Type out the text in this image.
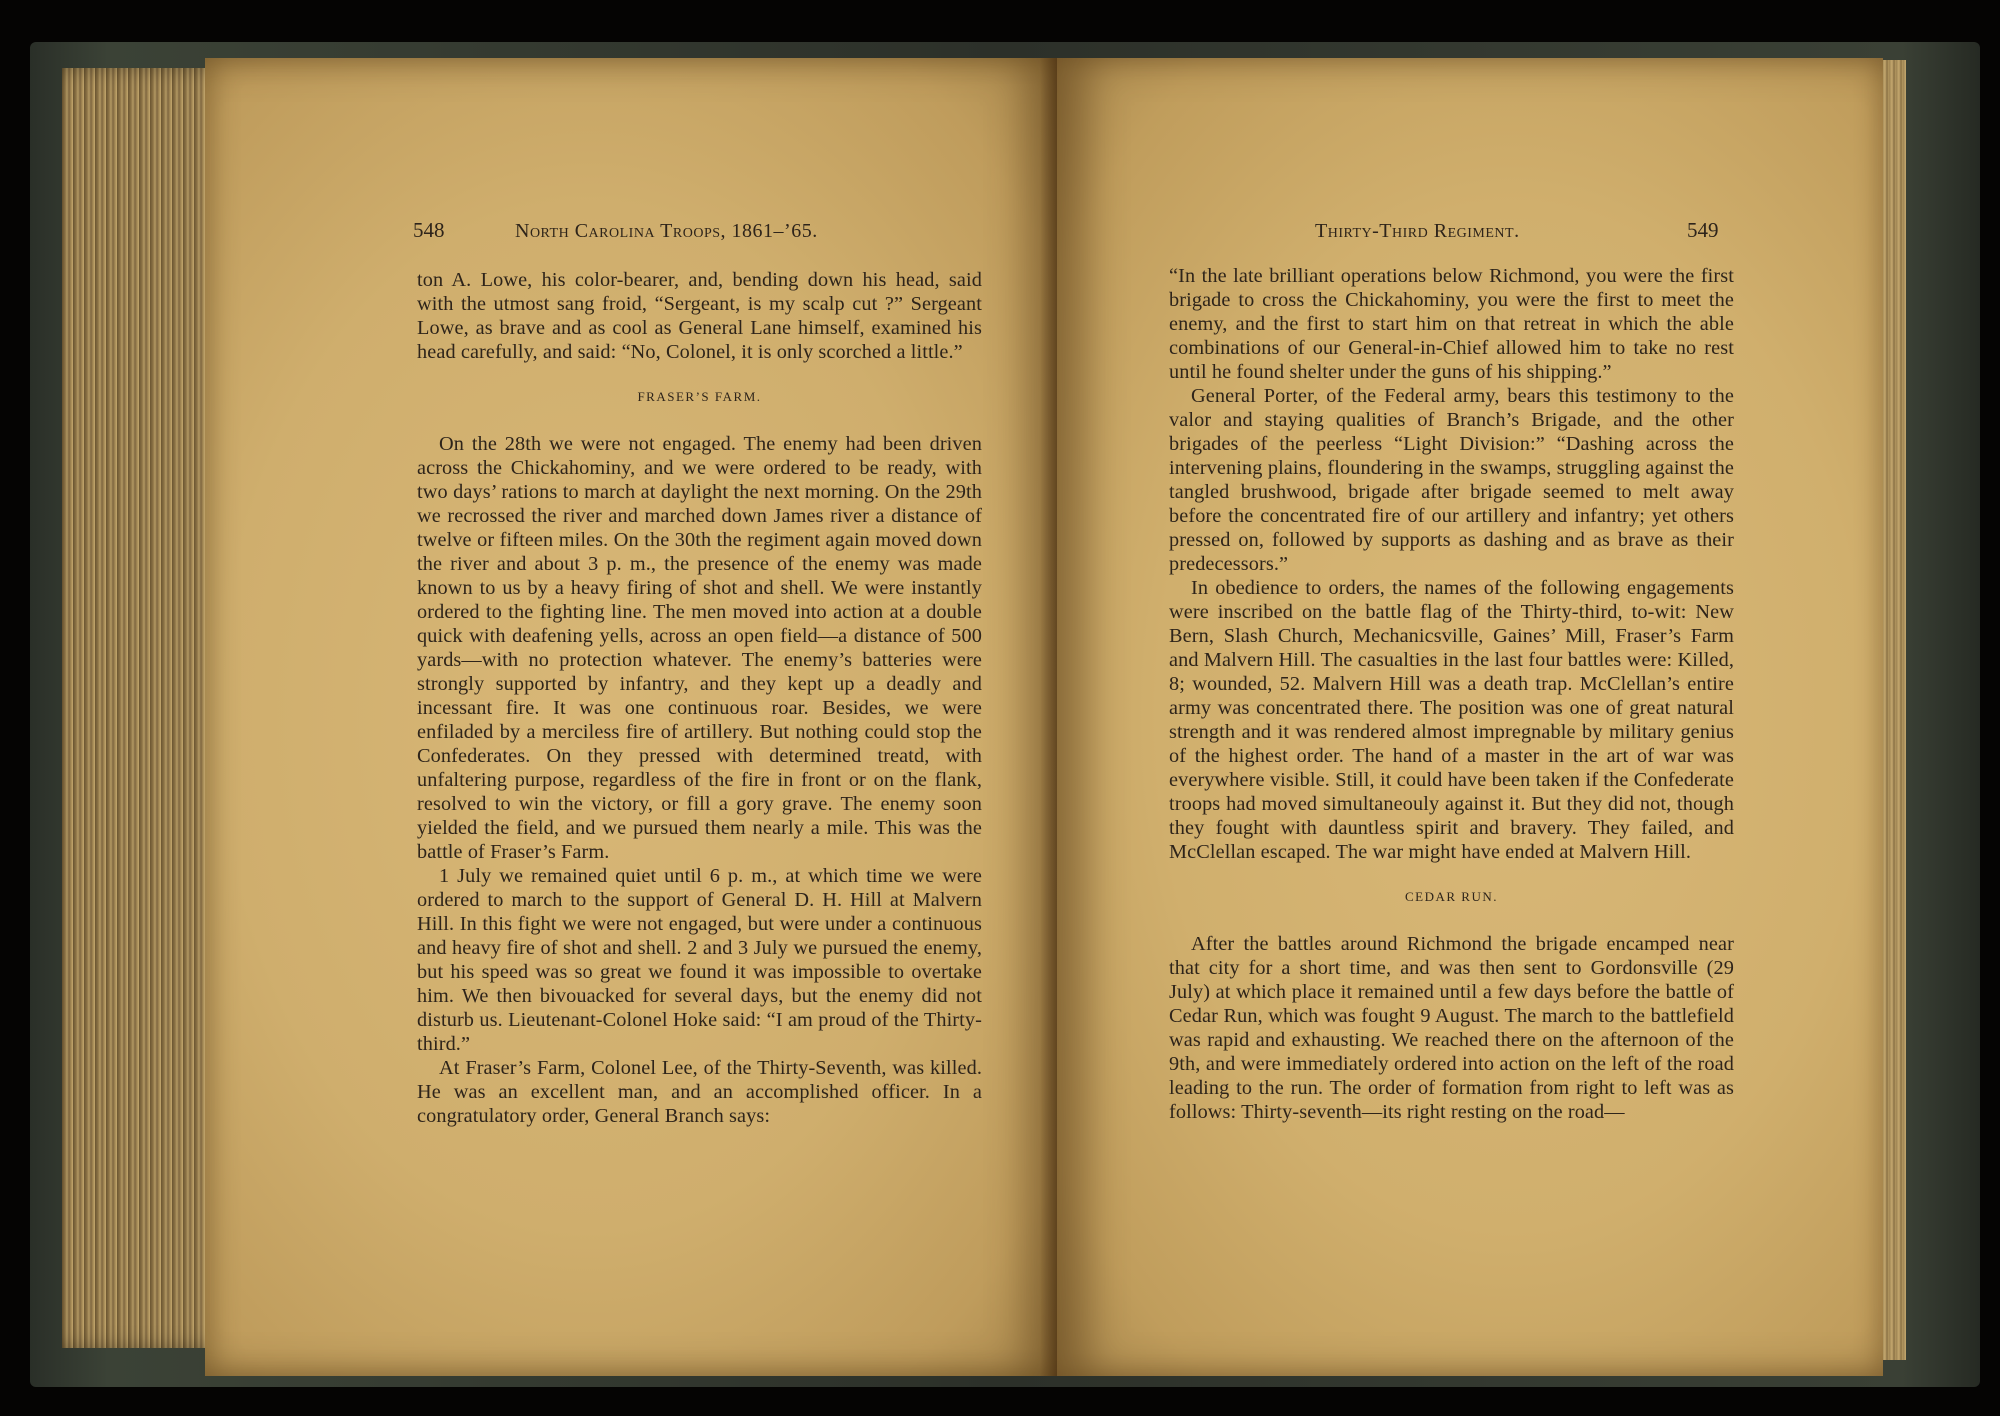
548	North Carolina Troops, 1861–’65.

ton A. Lowe, his color-bearer, and, bending down his head, said with the utmost sang froid, “Sergeant, is my scalp cut ?” Sergeant Lowe, as brave and as cool as General Lane himself, examined his head carefully, and said: “No, Colonel, it is only scorched a little.”

FRASER’S FARM.

On the 28th we were not engaged. The enemy had been driven across the Chickahominy, and we were ordered to be ready, with two days’ rations to march at daylight the next morning. On the 29th we recrossed the river and marched down James river a distance of twelve or fifteen miles. On the 30th the regiment again moved down the river and about 3 p. m., the presence of the enemy was made known to us by a heavy firing of shot and shell. We were instantly ordered to the fighting line. The men moved into action at a double quick with deafening yells, across an open field—a distance of 500 yards—with no protection whatever. The enemy’s batteries were strongly supported by infantry, and they kept up a deadly and incessant fire. It was one continuous roar. Besides, we were enfiladed by a merciless fire of artillery. But nothing could stop the Confederates. On they pressed with determined treatd, with unfaltering purpose, regardless of the fire in front or on the flank, resolved to win the victory, or fill a gory grave. The enemy soon yielded the field, and we pursued them nearly a mile. This was the battle of Fraser’s Farm.

1 July we remained quiet until 6 p. m., at which time we were ordered to march to the support of General D. H. Hill at Malvern Hill. In this fight we were not engaged, but were under a continuous and heavy fire of shot and shell. 2 and 3 July we pursued the enemy, but his speed was so great we found it was impossible to overtake him. We then bivouacked for several days, but the enemy did not disturb us. Lieutenant-Colonel Hoke said: “I am proud of the Thirty-third.”

At Fraser’s Farm, Colonel Lee, of the Thirty-Seventh, was killed. He was an excellent man, and an accomplished officer. In a congratulatory order, General Branch says:

Thirty-Third Regiment.	549

“In the late brilliant operations below Richmond, you were the first brigade to cross the Chickahominy, you were the first to meet the enemy, and the first to start him on that retreat in which the able combinations of our General-in-Chief allowed him to take no rest until he found shelter under the guns of his shipping.”

General Porter, of the Federal army, bears this testimony to the valor and staying qualities of Branch’s Brigade, and the other brigades of the peerless “Light Division:” “Dashing across the intervening plains, floundering in the swamps, struggling against the tangled brushwood, brigade after brigade seemed to melt away before the concentrated fire of our artillery and infantry; yet others pressed on, followed by supports as dashing and as brave as their predecessors.”

In obedience to orders, the names of the following engagements were inscribed on the battle flag of the Thirty-third, to-wit: New Bern, Slash Church, Mechanicsville, Gaines’ Mill, Fraser’s Farm and Malvern Hill. The casualties in the last four battles were: Killed, 8; wounded, 52. Malvern Hill was a death trap. McClellan’s entire army was concentrated there. The position was one of great natural strength and it was rendered almost impregnable by military genius of the highest order. The hand of a master in the art of war was everywhere visible. Still, it could have been taken if the Confederate troops had moved simultaneouly against it. But they did not, though they fought with dauntless spirit and bravery. They failed, and McClellan escaped. The war might have ended at Malvern Hill.

CEDAR RUN.

After the battles around Richmond the brigade encamped near that city for a short time, and was then sent to Gordonsville (29 July) at which place it remained until a few days before the battle of Cedar Run, which was fought 9 August. The march to the battlefield was rapid and exhausting. We reached there on the afternoon of the 9th, and were immediately ordered into action on the left of the road leading to the run. The order of formation from right to left was as follows: Thirty-seventh—its right resting on the road—
